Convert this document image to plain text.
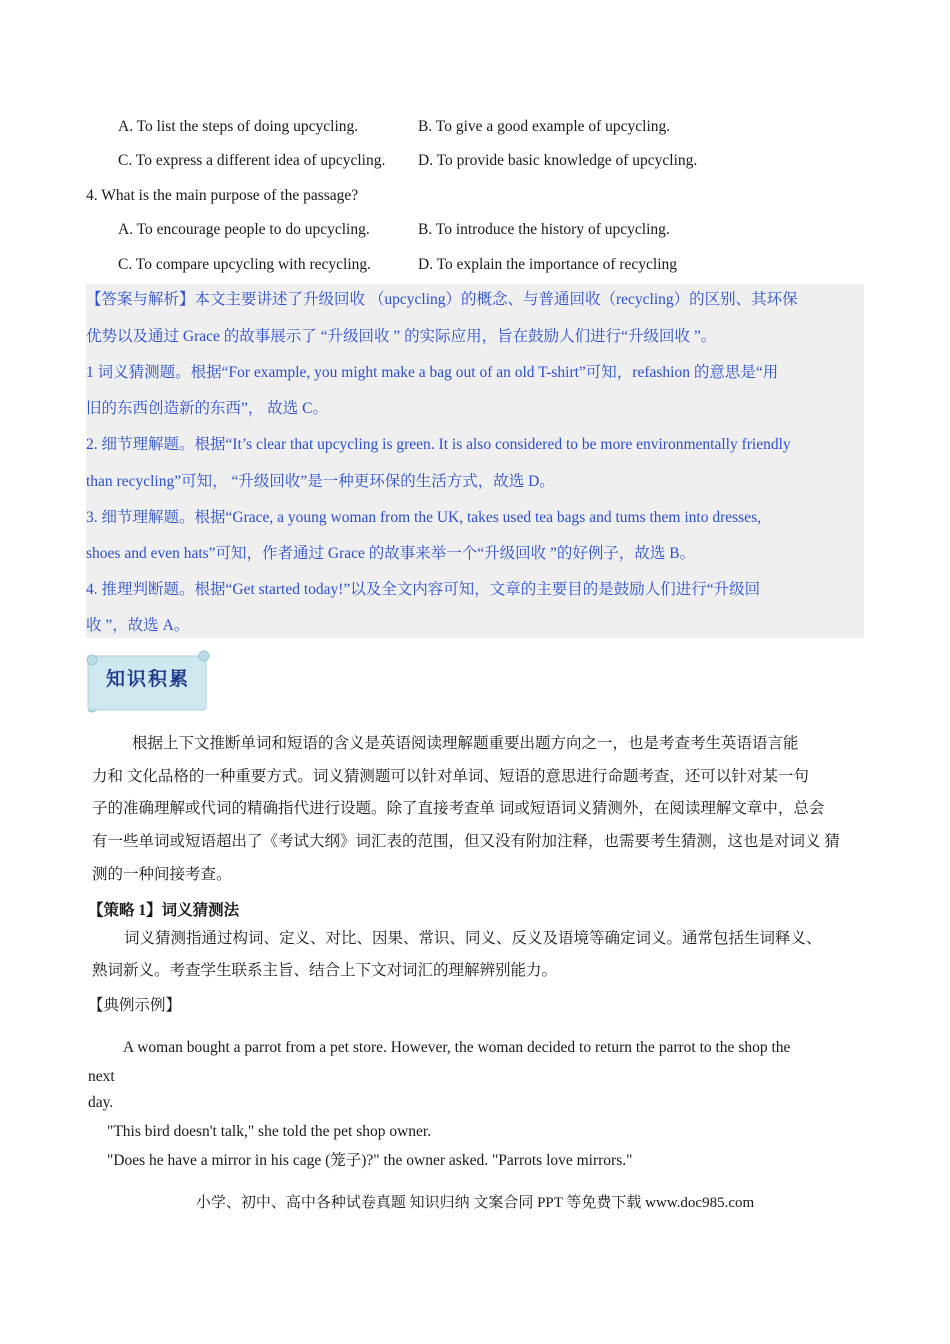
A. To list the steps of doing upcycling.	B. To give a good example of upcycling.
C. To express a different idea of upcycling. D. To provide basic knowledge of upcycling.
4. What is the main purpose of the passage?
A. To encourage people to do upcycling.	B. To introduce the history of upcycling.
C. To compare upcycling with recycling.	D. To explain the importance of recycling
【答案与解析】本文主要讲述了升级回收 （upcycling）的概念、与普通回收（recycling）的区别、其环保
优势以及通过 Grace 的故事展示了 “升级回收 ” 的实际应用，旨在鼓励人们进行“升级回收 ”。
1 词义猜测题。根据“For example, you might make a bag out of an old T-shirt”可知，refashion 的意思是“用
旧的东西创造新的东西”， 故选 C。
2. 细节理解题。根据“It’s clear that upcycling is green. It is also considered to be more environmentally friendly
than recycling”可知， “升级回收”是一种更环保的生活方式，故选 D。
3. 细节理解题。根据“Grace, a young woman from the UK, takes used tea bags and tums them into dresses,
shoes and even hats”可知，作者通过 Grace 的故事来举一个“升级回收 ”的好例子，故选 B。
4. 推理判断题。根据“Get started today!”以及全文内容可知，文章的主要目的是鼓励人们进行“升级回
收 ”，故选 A。
知识积累
根据上下文推断单词和短语的含义是英语阅读理解题重要出题方向之一，也是考查考生英语语言能
力和 文化品格的一种重要方式。词义猜测题可以针对单词、短语的意思进行命题考查，还可以针对某一句
子的准确理解或代词的精确指代进行设题。除了直接考查单 词或短语词义猜测外，在阅读理解文章中，总会
有一些单词或短语超出了《考试大纲》词汇表的范围，但又没有附加注释，也需要考生猜测，这也是对词义 猜
测的一种间接考查。
【策略 1】词义猜测法
词义猜测指通过构词、定义、对比、因果、常识、同义、反义及语境等确定词义。通常包括生词释义、
熟词新义。考查学生联系主旨、结合上下文对词汇的理解辨别能力。
【典例示例】
A woman bought a parrot from a pet store. However, the woman decided to return the parrot to the shop the
next
day.
"This bird doesn't talk," she told the pet shop owner.
"Does he have a mirror in his cage (笼子)?" the owner asked. "Parrots love mirrors."
小学、初中、高中各种试卷真题 知识归纳 文案合同 PPT 等免费下载 www.doc985.com
